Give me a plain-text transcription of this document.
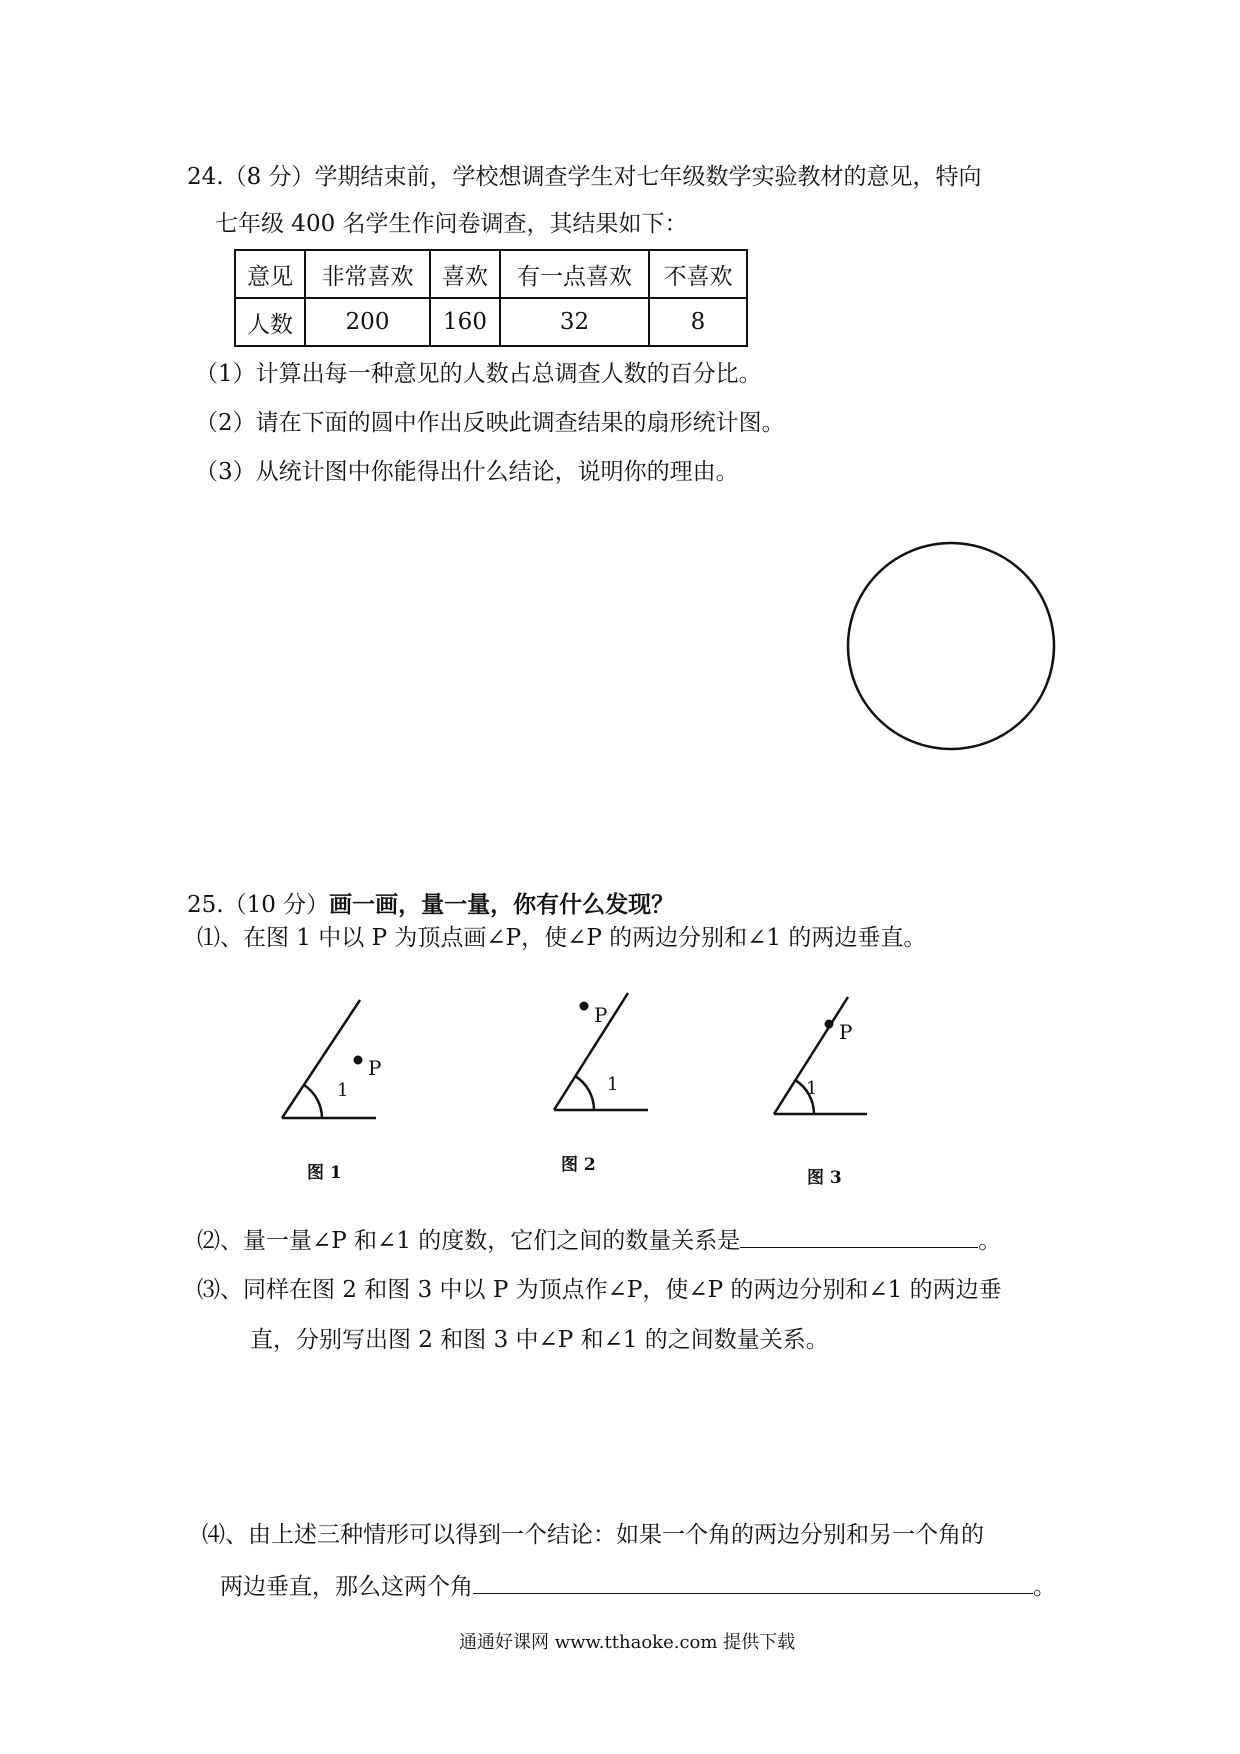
24.（8 分）学期结束前，学校想调查学生对七年级数学实验教材的意见，特向
七年级 400 名学生作问卷调查，其结果如下：
意见	非常喜欢	喜欢	有一点喜欢	不喜欢
人数	200	160	32	8
（1）计算出每一种意见的人数占总调查人数的百分比。
（2）请在下面的圆中作出反映此调查结果的扇形统计图。
（3）从统计图中你能得出什么结论，说明你的理由。
25.（10 分）画一画，量一量，你有什么发现？
⑴、在图 1 中以 P 为顶点画∠P，使∠P 的两边分别和∠1 的两边垂直。
1
P
图 1
1
P
图 2
1
P
图 3
⑵、量一量∠P 和∠1 的度数，它们之间的数量关系是	。
⑶、同样在图 2 和图 3 中以 P 为顶点作∠P，使∠P 的两边分别和∠1 的两边垂
直，分别写出图 2 和图 3 中∠P 和∠1 的之间数量关系。
⑷、由上述三种情形可以得到一个结论：如果一个角的两边分别和另一个角的
两边垂直，那么这两个角	。
通通好课网 www.tthaoke.com 提供下载
